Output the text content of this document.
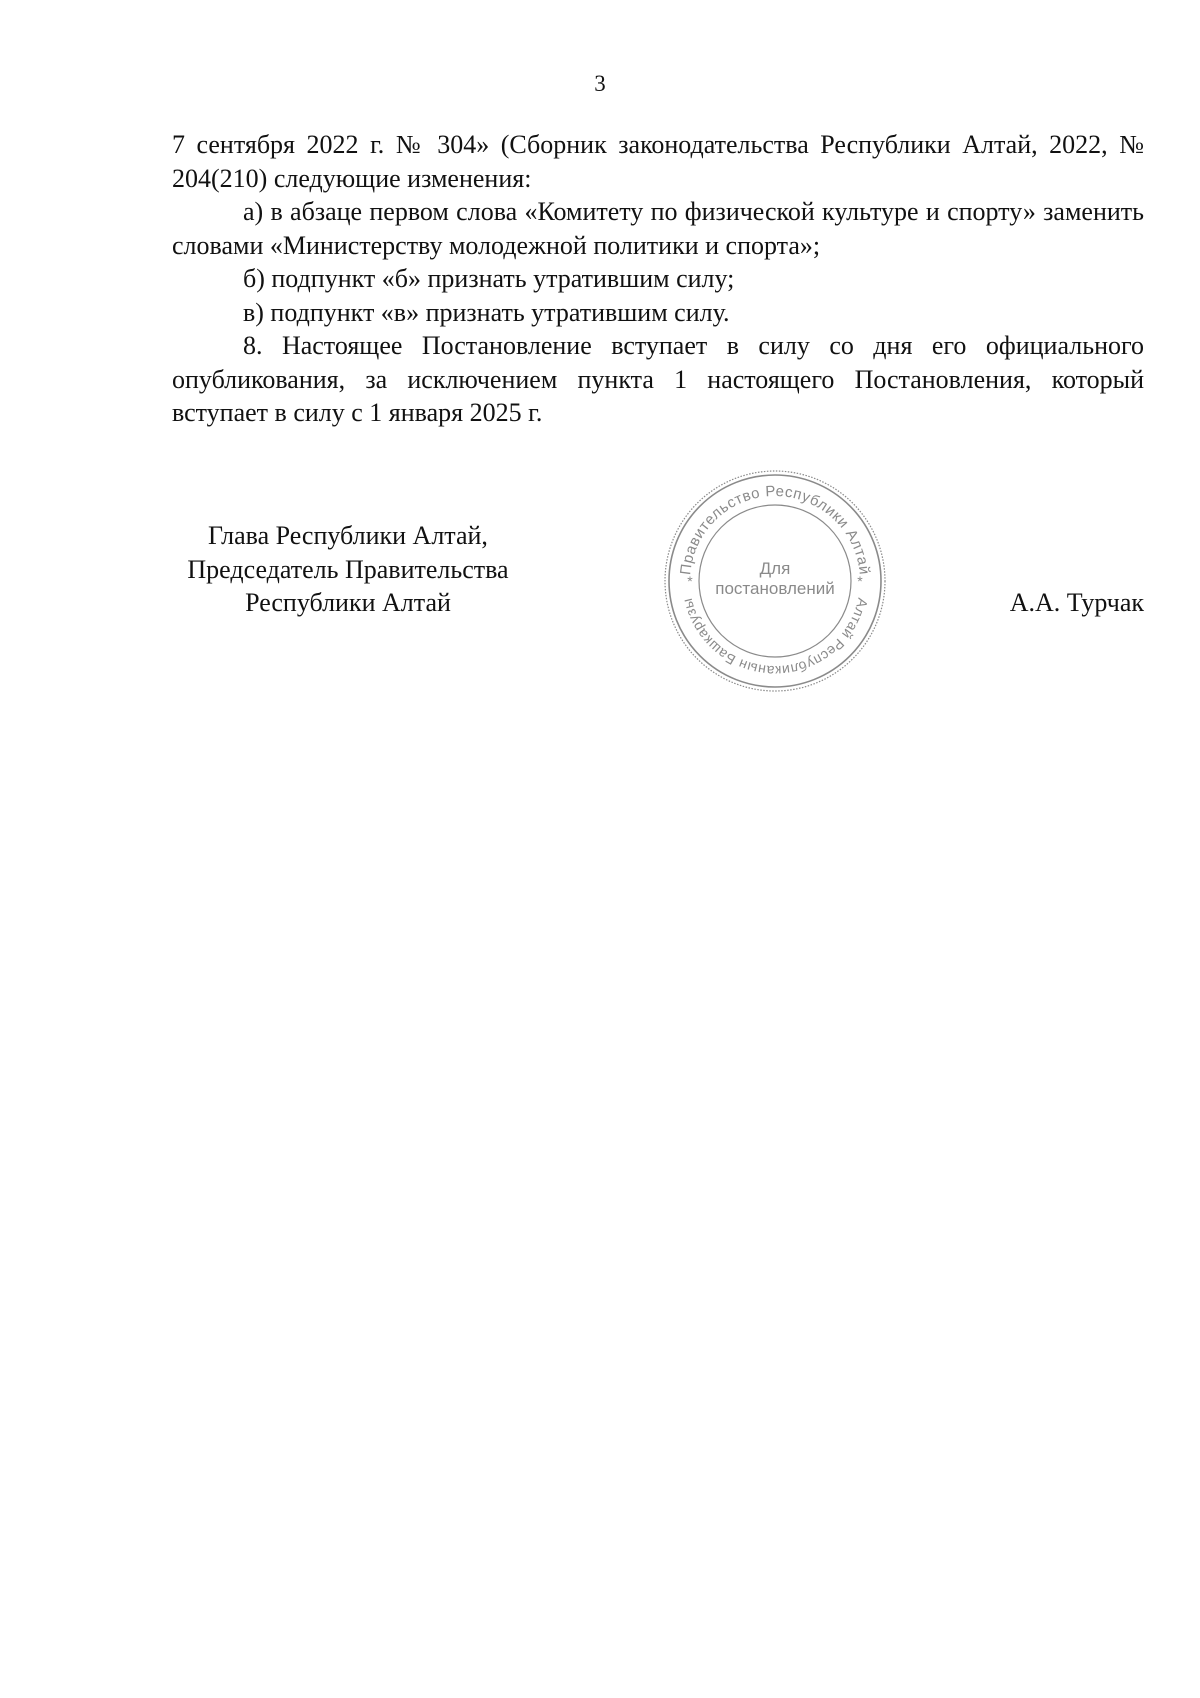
3

7 сентября 2022 г. № 304» (Сборник законодательства Республики Алтай, 2022, № 204(210) следующие изменения:

а) в абзаце первом слова «Комитету по физической культуре и спорту» заменить словами «Министерству молодежной политики и спорта»;

б) подпункт «б» признать утратившим силу;

в) подпункт «в» признать утратившим силу.

8. Настоящее Постановление вступает в силу со дня его официального опубликования, за исключением пункта 1 настоящего Постановления, который вступает в силу с 1 января 2025 г.

Глава Республики Алтай,
Председатель Правительства
Республики Алтай
Правительство Республики Алтай
Алтай Республиканын Башкарузы
*	*
Для
постановлений	А.А. Турчак
